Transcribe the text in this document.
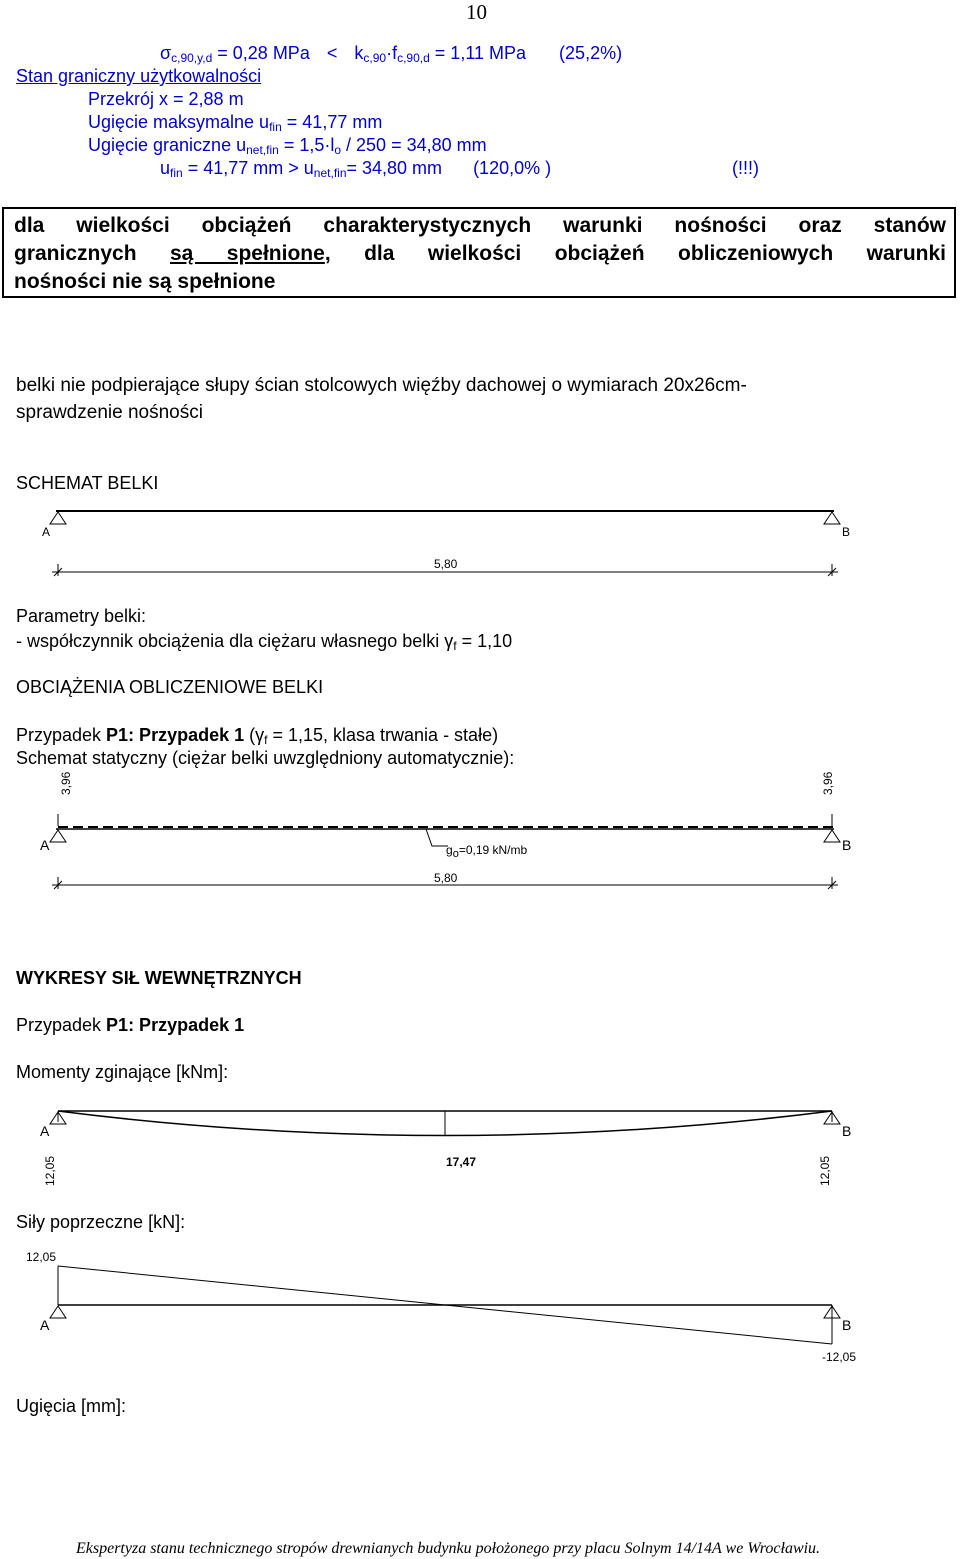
10
$\sigma_{c,90,y,d} = 0,28$ MPa < $k_{c,90}\cdot f_{c,90,d} = 1,11$ MPa (25,2%)
Stan graniczny użytkowalności
Przekrój x = 2,88 m
Ugięcie maksymalne $u_{fin} = 41,77$ mm
Ugięcie graniczne $u_{net,fin} = 1,5\cdot l_o / 250 = 34,80$ mm
$u_{fin} = 41,77$ mm > $u_{net,fin}= 34,80$ mm (120,0% )	(!!!)
dla wielkości obciążeń charakterystycznych warunki nośności oraz stanów
granicznych są spełnione, dla wielkości obciążeń obliczeniowych warunki
nośności nie są spełnione
belki nie podpierające słupy ścian stolcowych więźby dachowej o wymiarach 20x26cm-
sprawdzenie nośności
SCHEMAT BELKI
A	B
5,80
Parametry belki:
- współczynnik obciążenia dla ciężaru własnego belki $\gamma_f = 1,10$
OBCIĄŻENIA OBLICZENIOWE BELKI
Przypadek P1: Przypadek 1 ($\gamma_f = 1,15$, klasa trwania - stałe)
Schemat statyczny (ciężar belki uwzględniony automatycznie):
3,96	3,96
A	B
go=0,19 kN/mb
5,80
WYKRESY SIŁ WEWNĘTRZNYCH
Przypadek P1: Przypadek 1
Momenty zginające [kNm]:
A	B
12,05	17,47	12,05
Siły poprzeczne [kN]:
12,05
A	B
-12,05
Ugięcia [mm]:
Ekspertyza stanu technicznego stropów drewnianych budynku położonego przy placu Solnym 14/14A we Wrocławiu.
